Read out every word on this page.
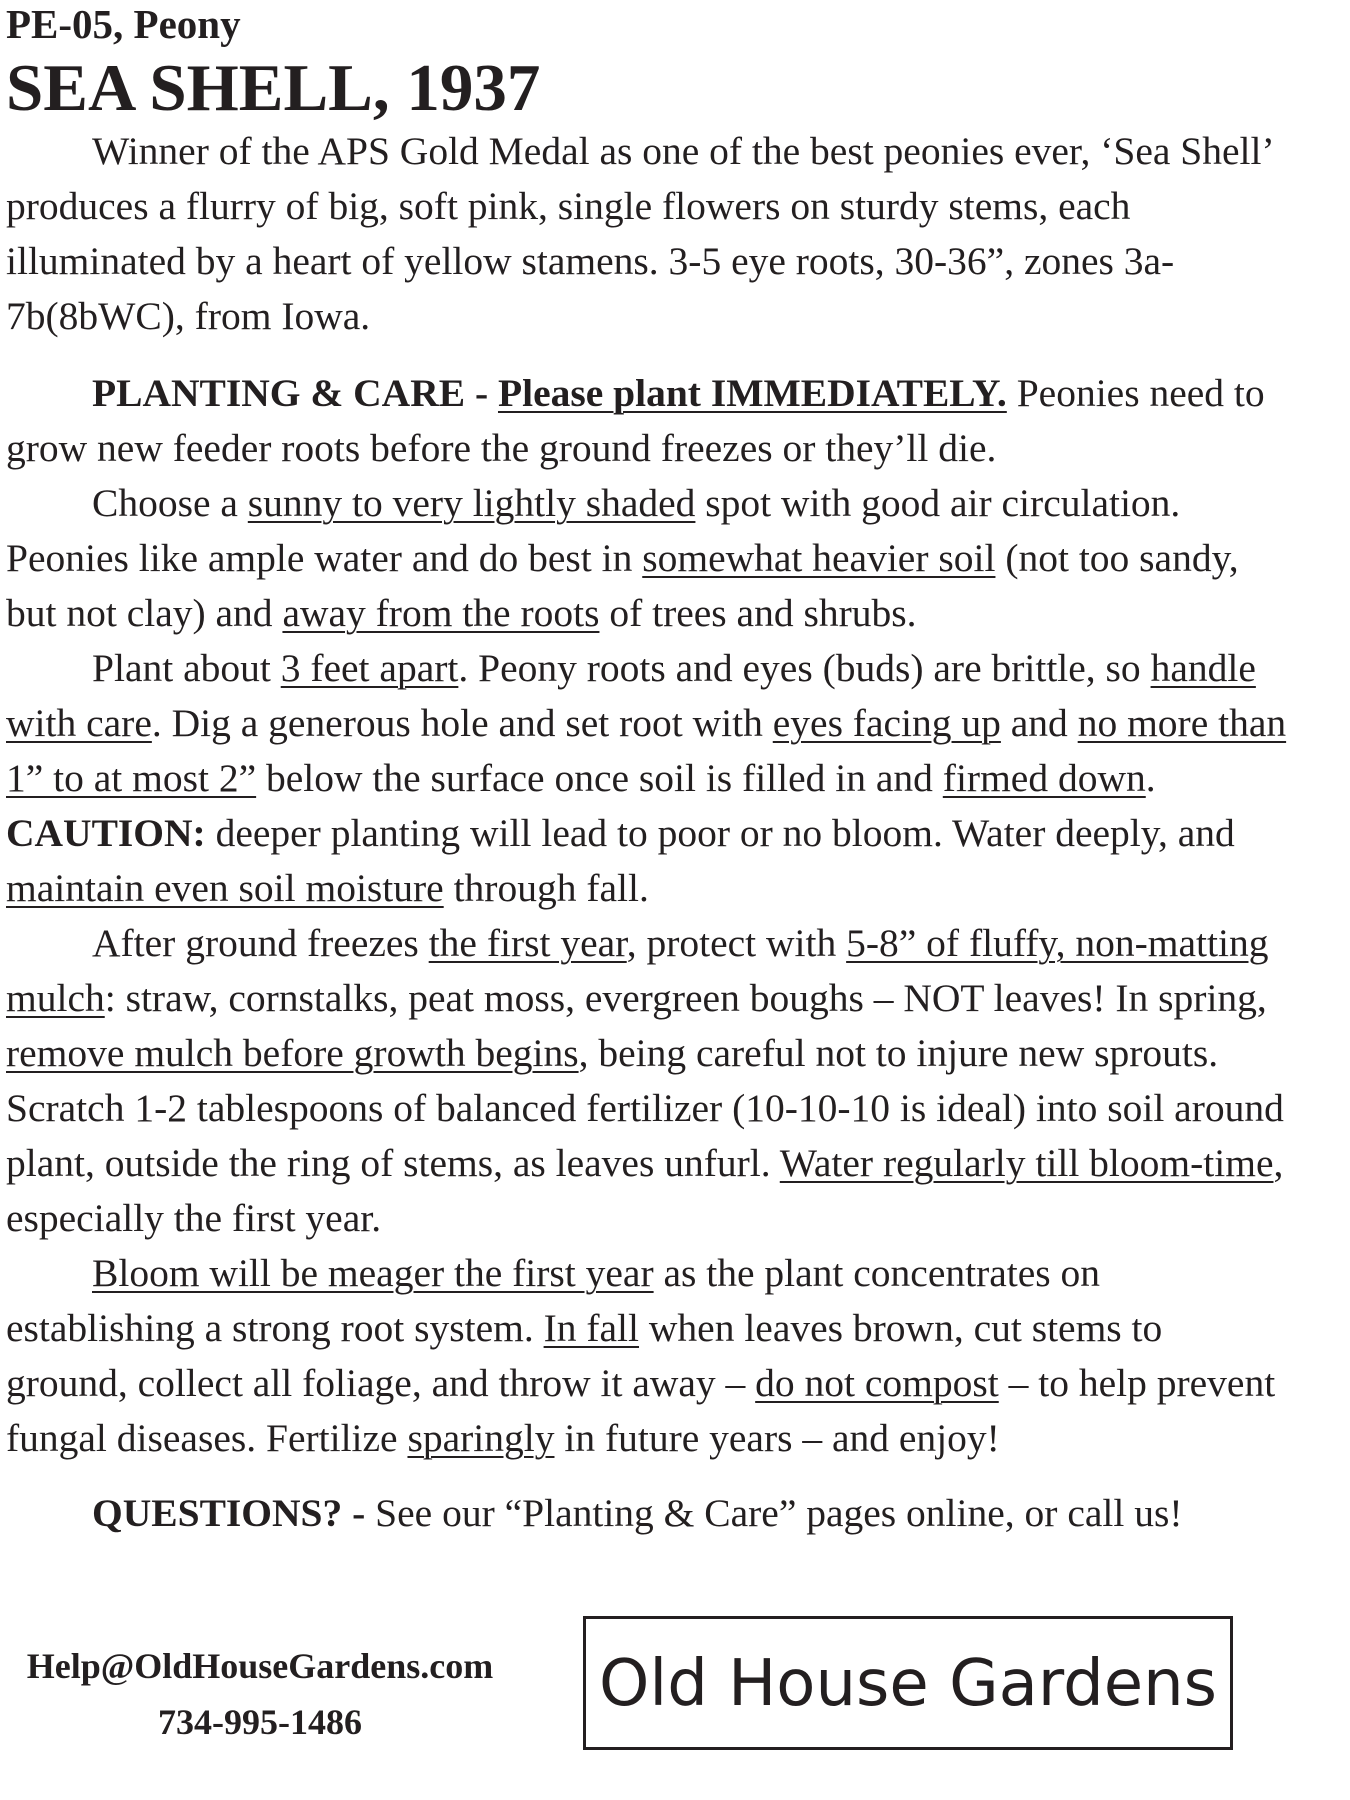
PE-05, Peony
SEA SHELL, 1937

Winner of the APS Gold Medal as one of the best peonies ever, ‘Sea Shell’ produces a flurry of big, soft pink, single flowers on sturdy stems, each illuminated by a heart of yellow stamens. 3-5 eye roots, 30-36”, zones 3a-7b(8bWC), from Iowa.

PLANTING & CARE - Please plant IMMEDIATELY. Peonies need to grow new feeder roots before the ground freezes or they’ll die.

Choose a sunny to very lightly shaded spot with good air circulation. Peonies like ample water and do best in somewhat heavier soil (not too sandy, but not clay) and away from the roots of trees and shrubs.

Plant about 3 feet apart. Peony roots and eyes (buds) are brittle, so handle with care. Dig a generous hole and set root with eyes facing up and no more than 1” to at most 2” below the surface once soil is filled in and firmed down. CAUTION: deeper planting will lead to poor or no bloom. Water deeply, and maintain even soil moisture through fall.

After ground freezes the first year, protect with 5-8” of fluffy, non-matting mulch: straw, cornstalks, peat moss, evergreen boughs – NOT leaves! In spring, remove mulch before growth begins, being careful not to injure new sprouts. Scratch 1-2 tablespoons of balanced fertilizer (10-10-10 is ideal) into soil around plant, outside the ring of stems, as leaves unfurl. Water regularly till bloom-time, especially the first year.

Bloom will be meager the first year as the plant concentrates on establishing a strong root system. In fall when leaves brown, cut stems to ground, collect all foliage, and throw it away – do not compost – to help prevent fungal diseases. Fertilize sparingly in future years – and enjoy!

QUESTIONS? - See our “Planting & Care” pages online, or call us!

Help@OldHouseGardens.com
734-995-1486
Old House Gardens
